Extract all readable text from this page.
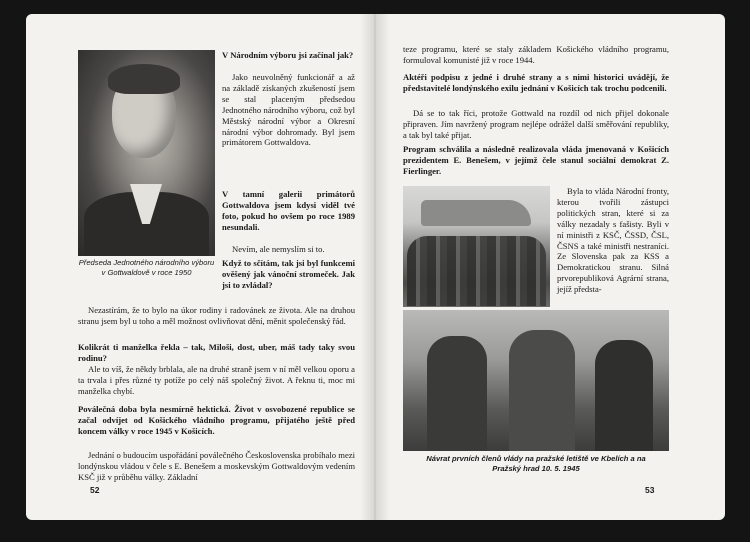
Předseda Jednotného národního výboru v Gottwaldově v roce 1950

V Národním výboru jsi začínal jak?

Jako neuvolněný funkcionář a až na základě získaných zkušeností jsem se stal placeným předsedou Jednotného národního výboru, což byl Městský národní výbor a Okresní národní výbor dohromady. Byl jsem primátorem Gottwaldova.

V tamní galerii primátorů Gottwaldova jsem kdysi viděl tvé foto, pokud ho ovšem po roce 1989 nesundali.

Nevím, ale nemyslím si to.

Když to sčítám, tak jsi byl funkcemi ověšený jak vánoční stromeček. Jak jsi to zvládal?

Nezastírám, že to bylo na úkor rodiny i radovánek ze života. Ale na druhou stranu jsem byl u toho a měl možnost ovlivňovat dění, měnit společenský řád.

Kolikrát ti manželka řekla – tak, Miloši, dost, uber, máš tady taky svou rodinu?

Ale to víš, že někdy brblala, ale na druhé straně jsem v ní měl velkou oporu a ta trvala i přes různé ty potíže po celý náš společný život. A řeknu ti, moc mi manželka chybí.

Poválečná doba byla nesmírně hektická. Život v osvobozené republice se začal odvíjet od Košického vládního programu, přijatého ještě před koncem války v roce 1945 v Košicích.

Jednání o budoucím uspořádání poválečného Československa probíhalo mezi londýnskou vládou v čele s E. Benešem a moskevským Gottwaldovým vedením KSČ již v průběhu války. Základní

52

teze programu, které se staly základem Košického vládního programu, formuloval komunisté již v roce 1944.

Aktéři podpisu z jedné i druhé strany a s nimi historici uvádějí, že představitelé londýnského exilu jednání v Košicích tak trochu podcenili.

Dá se to tak říci, protože Gottwald na rozdíl od nich přijel dokonale připraven. Jím navržený program nejlépe odrážel další směřování republiky, a tak byl také přijat.

Program schválila a následně realizovala vláda jmenovaná v Košicích prezidentem E. Benešem, v jejímž čele stanul sociální demokrat Z. Fierlinger.

Byla to vláda Národní fronty, kterou tvořili zástupci politických stran, které si za války nezadaly s fašisty. Byli v ní ministři z KSČ, ČSSD, ČSL, ČSNS a také ministři nestraníci. Ze Slovenska pak za KSS a Demokratickou stranu. Silná prvorepubliková Agrární strana, jejíž předsta-

Návrat prvních členů vlády na pražské letiště ve Kbelích a na Pražský hrad 10. 5. 1945
53
